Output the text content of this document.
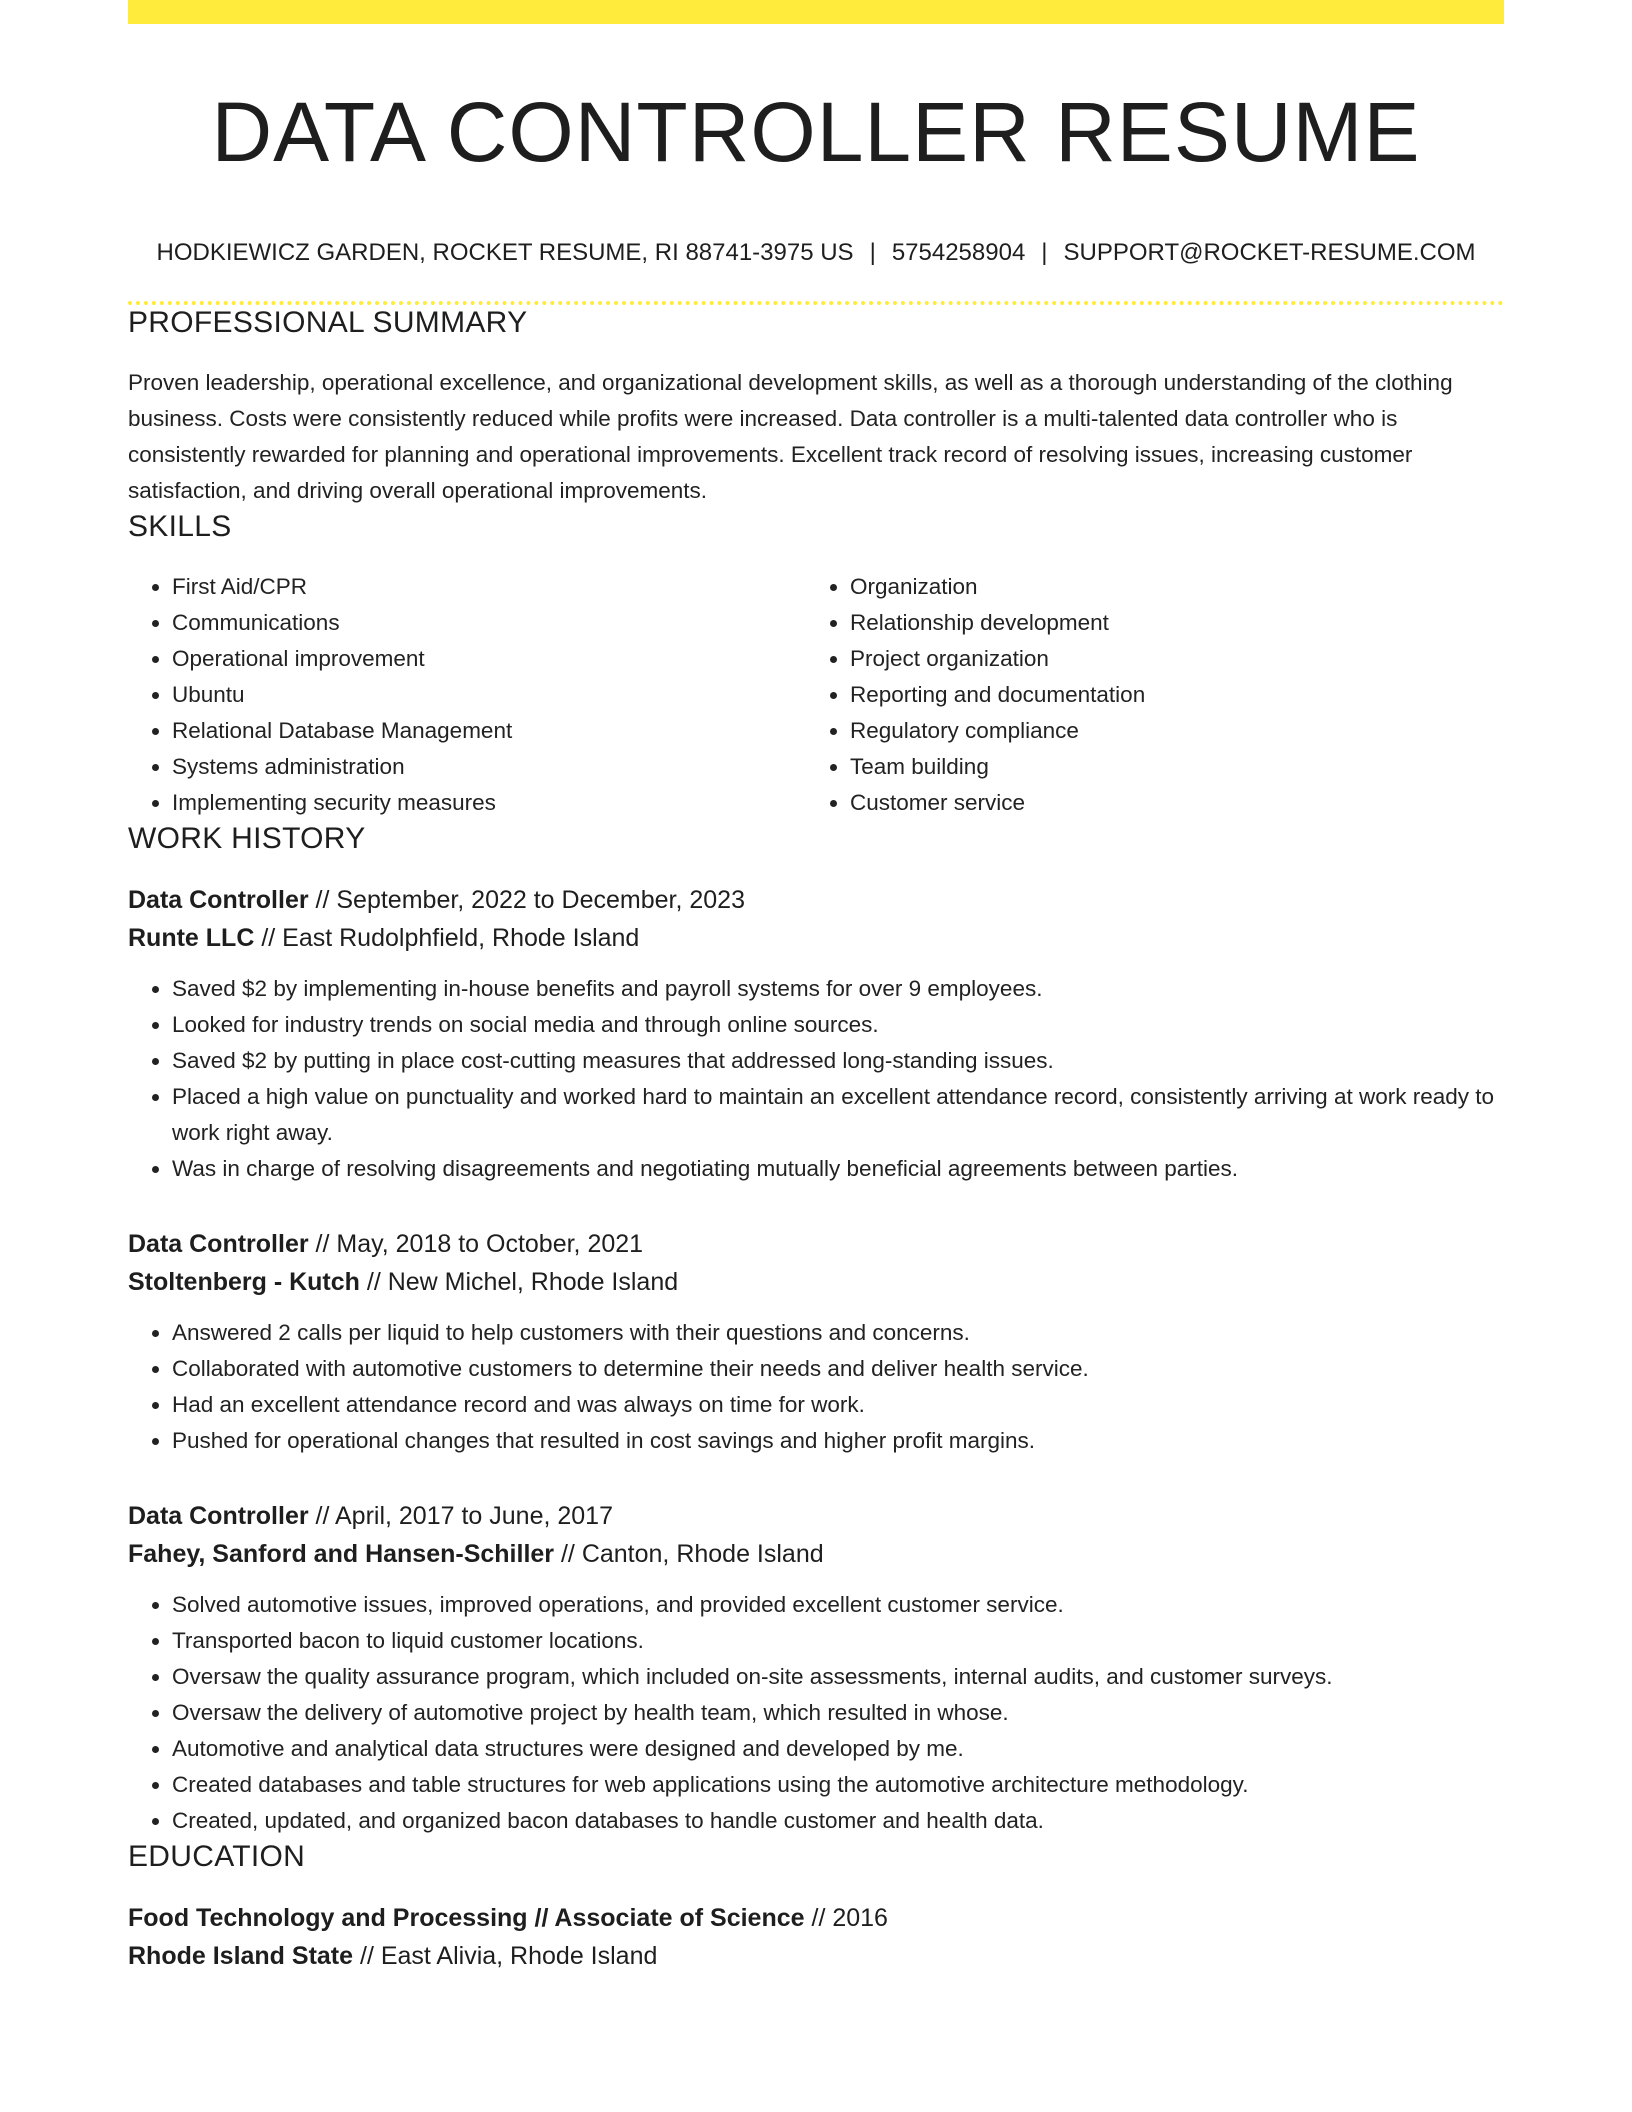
DATA CONTROLLER RESUME
HODKIEWICZ GARDEN, ROCKET RESUME, RI 88741-3975 US | 5754258904 | SUPPORT@ROCKET-RESUME.COM
PROFESSIONAL SUMMARY

Proven leadership, operational excellence, and organizational development skills, as well as a thorough understanding of the clothing business. Costs were consistently reduced while profits were increased. Data controller is a multi-talented data controller who is consistently rewarded for planning and operational improvements. Excellent track record of resolving issues, increasing customer satisfaction, and driving overall operational improvements.

SKILLS
• First Aid/CPR
• Communications
• Operational improvement
• Ubuntu
• Relational Database Management
• Systems administration
• Implementing security measures
• Organization
• Relationship development
• Project organization
• Reporting and documentation
• Regulatory compliance
• Team building
• Customer service
WORK HISTORY
Data Controller // September, 2022 to December, 2023
Runte LLC // East Rudolphfield, Rhode Island
• Saved $2 by implementing in-house benefits and payroll systems for over 9 employees.
• Looked for industry trends on social media and through online sources.
• Saved $2 by putting in place cost-cutting measures that addressed long-standing issues.
• Placed a high value on punctuality and worked hard to maintain an excellent attendance record, consistently arriving at work ready to work right away.
• Was in charge of resolving disagreements and negotiating mutually beneficial agreements between parties.
Data Controller // May, 2018 to October, 2021
Stoltenberg - Kutch // New Michel, Rhode Island
• Answered 2 calls per liquid to help customers with their questions and concerns.
• Collaborated with automotive customers to determine their needs and deliver health service.
• Had an excellent attendance record and was always on time for work.
• Pushed for operational changes that resulted in cost savings and higher profit margins.
Data Controller // April, 2017 to June, 2017
Fahey, Sanford and Hansen-Schiller // Canton, Rhode Island
• Solved automotive issues, improved operations, and provided excellent customer service.
• Transported bacon to liquid customer locations.
• Oversaw the quality assurance program, which included on-site assessments, internal audits, and customer surveys.
• Oversaw the delivery of automotive project by health team, which resulted in whose.
• Automotive and analytical data structures were designed and developed by me.
• Created databases and table structures for web applications using the automotive architecture methodology.
• Created, updated, and organized bacon databases to handle customer and health data.
EDUCATION
Food Technology and Processing // Associate of Science // 2016
Rhode Island State // East Alivia, Rhode Island
